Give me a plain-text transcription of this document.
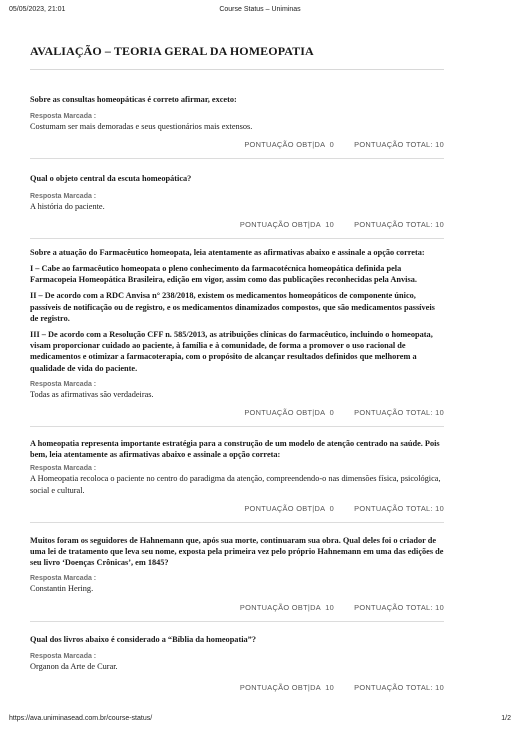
05/05/2023, 21:01	Course Status – Uniminas
AVALIAÇÃO – TEORIA GERAL DA HOMEOPATIA

Sobre as consultas homeopáticas é correto afirmar, exceto:

Resposta Marcada :

Costumam ser mais demoradas e seus questionários mais extensos.

PONTUAÇÃO OBT|DA  0	PONTUAÇÃO TOTAL: 10

Qual o objeto central da escuta homeopática?

Resposta Marcada :

A história do paciente.

PONTUAÇÃO OBT|DA  10	PONTUAÇÃO TOTAL: 10

Sobre a atuação do Farmacêutico homeopata, leia atentamente as afirmativas abaixo e assinale a opção correta:

I – Cabe ao farmacêutico homeopata o pleno conhecimento da farmacotécnica homeopática definida pela Farmacopeia Homeopática Brasileira, edição em vigor, assim como das publicações reconhecidas pela Anvisa.

II – De acordo com a RDC Anvisa n° 238/2018, existem os medicamentos homeopáticos de componente único, passíveis de notificação ou de registro, e os medicamentos dinamizados compostos, que são medicamentos passíveis de registro.

III – De acordo com a Resolução CFF n. 585/2013, as atribuições clínicas do farmacêutico, incluindo o homeopata, visam proporcionar cuidado ao paciente, à família e à comunidade, de forma a promover o uso racional de medicamentos e otimizar a farmacoterapia, com o propósito de alcançar resultados definidos que melhorem a qualidade de vida do paciente.

Resposta Marcada :

Todas as afirmativas são verdadeiras.

PONTUAÇÃO OBT|DA  0	PONTUAÇÃO TOTAL: 10

A homeopatia representa importante estratégia para a construção de um modelo de atenção centrado na saúde. Pois bem, leia atentamente as afirmativas abaixo e assinale a opção correta:

Resposta Marcada :

A Homeopatia recoloca o paciente no centro do paradigma da atenção, compreendendo-o nas dimensões física, psicológica, social e cultural.

PONTUAÇÃO OBT|DA  0	PONTUAÇÃO TOTAL: 10

Muitos foram os seguidores de Hahnemann que, após sua morte, continuaram sua obra. Qual deles foi o criador de uma lei de tratamento que leva seu nome, exposta pela primeira vez pelo próprio Hahnemann em uma das edições de seu livro ‘Doenças Crônicas’, em 1845?

Resposta Marcada :

Constantin Hering.

PONTUAÇÃO OBT|DA  10	PONTUAÇÃO TOTAL: 10

Qual dos livros abaixo é considerado a “Bíblia da homeopatia”?

Resposta Marcada :

Organon da Arte de Curar.

PONTUAÇÃO OBT|DA  10	PONTUAÇÃO TOTAL: 10
https://ava.uniminasead.com.br/course-status/	1/2
